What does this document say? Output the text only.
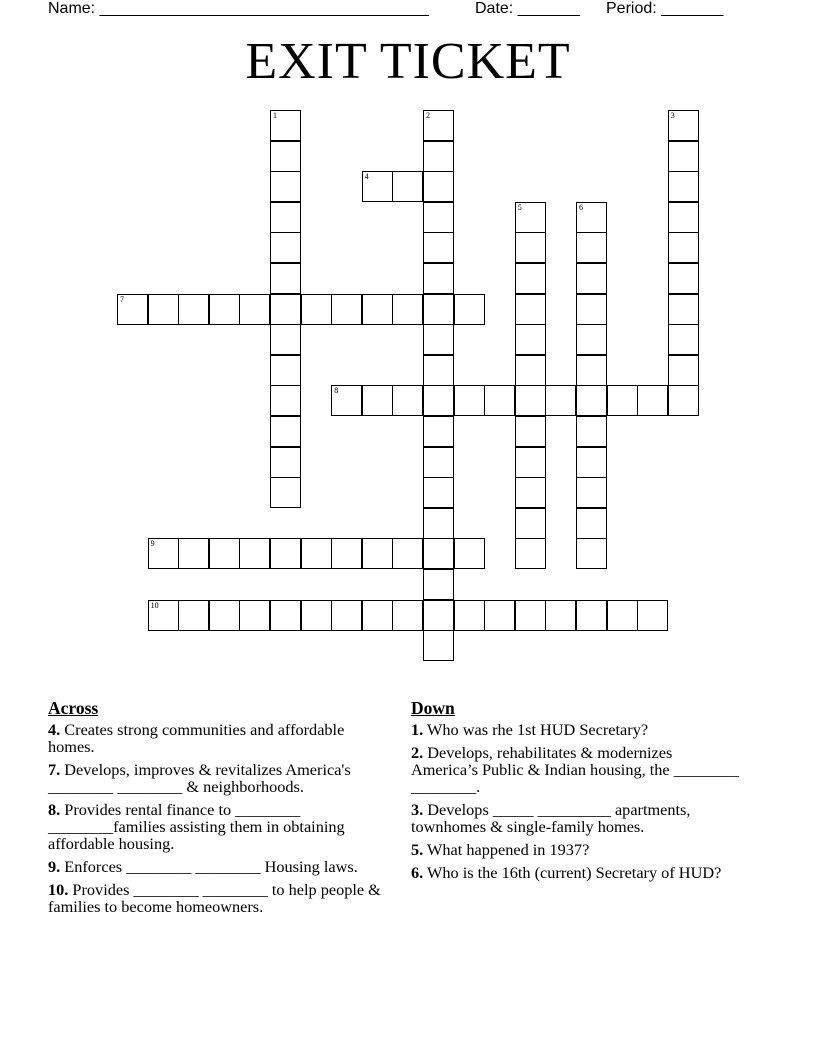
Name: _____________________________________	Date: _______ Period: _______
EXIT TICKET
1	2	3
4
5	6
7
8
9
10
Across
4. Creates strong communities and affordable homes.
7. Develops, improves & revitalizes America's ________ ________ & neighborhoods.
8. Provides rental finance to ________ ________families assisting them in obtaining affordable housing.
9. Enforces ________ ________ Housing laws.
10. Provides ________ ________ to help people & families to become homeowners.
Down
1. Who was rhe 1st HUD Secretary?
2. Develops, rehabilitates & modernizes America’s Public & Indian housing, the ________ ________.
3. Develops _____ _________ apartments, townhomes & single-family homes.
5. What happened in 1937?
6. Who is the 16th (current) Secretary of HUD?
